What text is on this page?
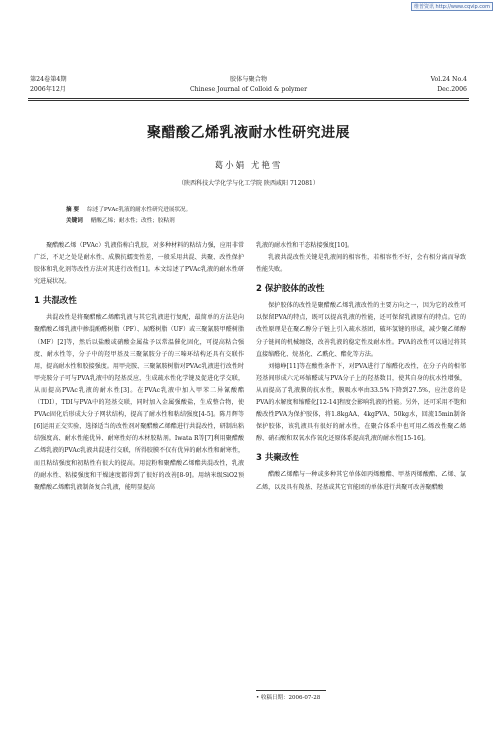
维普资讯 http://www.cqvip.com
第24卷第4期
2006年12月
胶体与聚合物
Chinese Journal of Colloid & polymer
Vol.24 No.4
Dec.2006
聚醋酸乙烯乳液耐水性研究进展
葛小娟 尤艳雪
（陕西科技大学化学与化工学院 陕西咸阳 712081）
摘 要 综述了PVAc乳液的耐水性研究进展状况。
关键词 醋酸乙烯；耐水性；改性；胶粘剂

聚醋酸乙烯（PVAc）乳液俗称白乳胶，对多种材料的粘结力强，应用非常广泛，不足之处是耐水性、成膜抗蠕变性差，一般采用共混、共聚、改性保护胶体和乳化剂等改性方法对其进行改性[1]。本文综述了PVAc乳液的耐水性研究进展状况。

1 共混改性

共混改性是将聚醋酸乙烯酯乳液与其它乳液进行复配，最简单的方法是向聚醋酸乙烯乳液中掺混酚醛树脂（PF）、尿醛树脂（UF）或三聚氰胺甲醛树脂（MF）[2]等，然后以盐酸或硝酸金属盐予以常温催化固化，可提高粘合强度、耐水性等，分子中的羟甲基及三聚氰胺分子的三嗪环结构还具有交联作用，提高耐水性和胶接强度。用甲壳胺、三聚氰胺树脂对PVAc乳液进行改性时甲壳胺分子可与PVA乳液中的羟基反应，生成疏水性化学键及促进化学交联，从而提高PVAc乳液的耐水性[3]。在PVAc乳液中加入甲苯二异氰酸酯（TDI），TDI与PVA中的羟基交联，同时加入金属强酸盐，生成整合物，使PVAc固化后形成大分子网状结构，提高了耐水性和粘结强度[4-5]。陈月辉等[6]运用正交实验，选择适当的改性剂对聚醋酸乙烯酯进行共混改性，研制出粘结强度高、耐水性能优异、耐寒性好的木材胶粘剂。Iwata R等[7]利用聚醋酸乙烯乳液的PVAc乳液共混进行交联，所得胶膜不仅有优异的耐水性和耐寒性，而且粘结强度和初粘性有很大的提高。用淀粉和聚醋酸乙烯酯共混改性，乳液的耐水性、粘接强度和干燥速度都得到了很好的改善[8-9]。用纳米级SiO2预聚醋酸乙烯酯乳液制备复合乳液，能明显提高

乳液的耐水性和干态粘接强度[10]。

乳液共混改性关键是乳液间的相容性，若相容性不好，会有相分离而导致性能失败。

2 保护胶体的改性

保护胶体的改性是聚醋酸乙烯乳液改性的主要方向之一，因为它的改性可以保留PVA的特点，既可以提高乳液的性能，还可保留乳液原有的特点。它的改性原理是在聚乙醇分子链上引入疏水基团，破坏氢键的形成，减少聚乙烯醇分子链间的机械缠绕，改善乳液的稳定性及耐水性。PVA的改性可以通过将其直接缩醛化、烷基化、乙酰化、酯化等方法。

刘德峥[11]等在酸性条件下，对PVA进行了缩醛化改性，在分子内的相邻羟基间形成六元环缩醛或与PVA分子上的羟基数目，使其自身的抗水性增强，从而提高了乳液膜的抗水性，膜吸水率由33.5%下降到27.5%，应注意的是PVA的水解度和缩醛化[12-14]程度会影响乳液的性能。另外，还可采用不饱和酸改性PVA为保护胶体，将1.8kgAA、4kgPVA、50kg水，回流15min制备保护胶体，该乳液具有很好的耐水性，在聚合体系中也可用乙烯改性聚乙烯醇、硝石酸和双氧水作氧化还原体系提高乳液的耐水性[15-16]。

3 共聚改性

醋酸乙烯酯与一种或多种其它单体如丙烯酸酯、甲基丙烯酸酯、乙烯、氯乙烯，以及具有羧基、羟基或其它官能团的单体进行共聚可改善聚醋酸

• 收稿日期：2006-07-28
